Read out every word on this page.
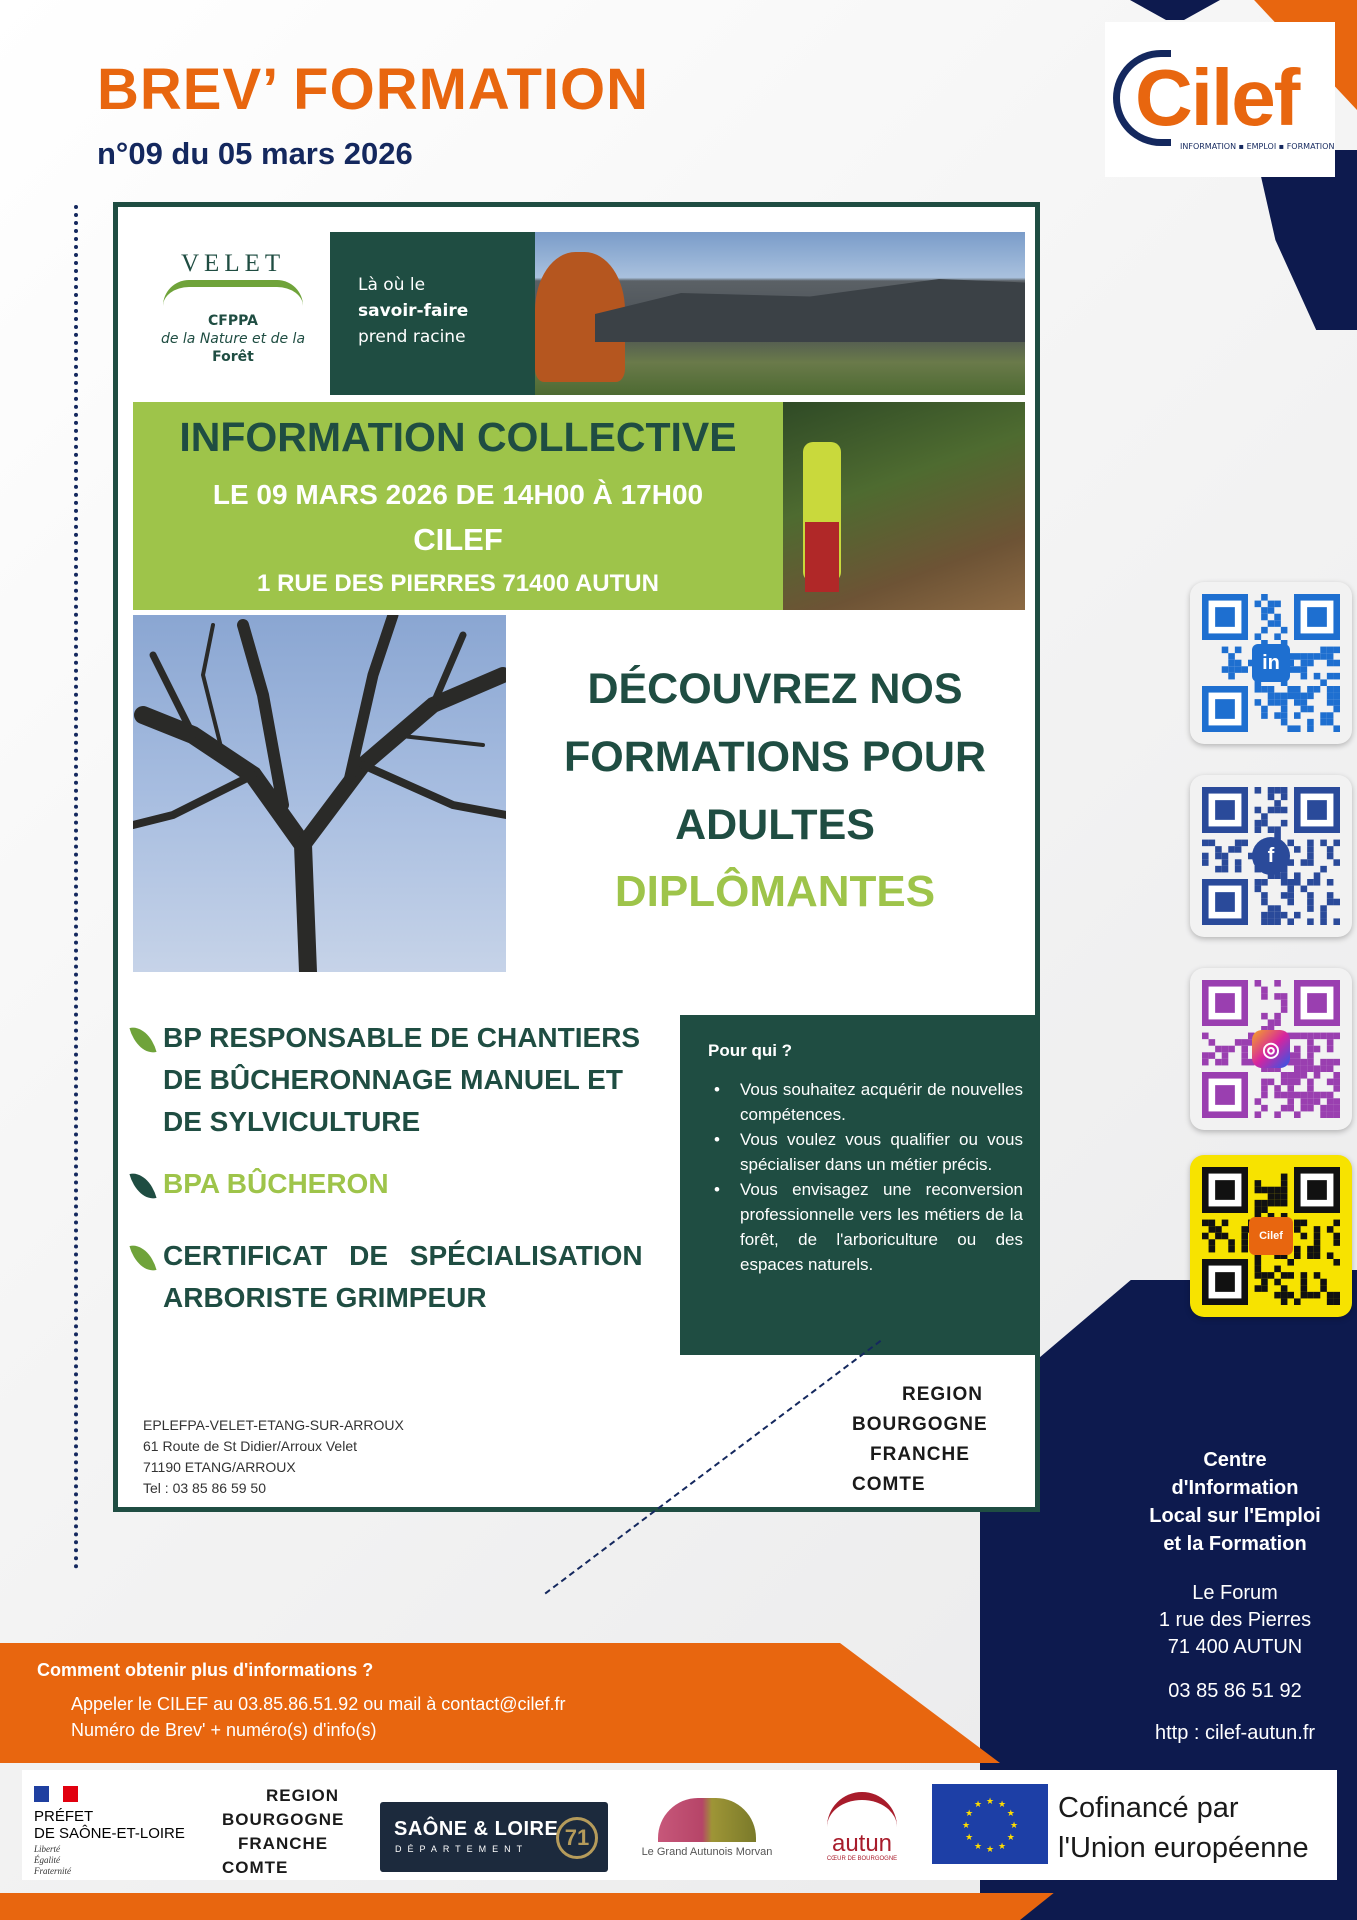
BREV’ FORMATION
n°09 du 05 mars 2026
Cilef
INFORMATION ▪ EMPLOI ▪ FORMATION
VELET
CFPPA
de la Nature et de la
Forêt
Là où le
savoir-faire
prend racine
INFORMATION COLLECTIVE
LE 09 MARS 2026 DE 14H00 À 17H00
CILEF
1 RUE DES PIERRES 71400 AUTUN
DÉCOUVREZ NOS
FORMATIONS POUR
ADULTES
DIPLÔMANTES
BP RESPONSABLE DE CHANTIERS
DE BÛCHERONNAGE MANUEL ET
DE SYLVICULTURE
BPA BÛCHERON
CERTIFICAT DE SPÉCIALISATION
ARBORISTE GRIMPEUR
Pour qui ?
• Vous souhaitez acquérir de nouvelles compétences.
• Vous voulez vous qualifier ou vous spécialiser dans un métier précis.
• Vous envisagez une reconversion professionnelle vers les métiers de la forêt, de l'arboriculture ou des espaces naturels.
EPLEFPA-VELET-ETANG-SUR-ARROUX
61 Route de St Didier/Arroux Velet
71190 ETANG/ARROUX
Tel : 03 85 86 59 50
REGION
BOURGOGNE
FRANCHE
COMTE
in
f
◎
Cilef
Centre
d'Information
Local sur l'Emploi
et la Formation
Le Forum
1 rue des Pierres
71 400 AUTUN
03 85 86 51 92
http : cilef-autun.fr
Comment obtenir plus d'informations ?
Appeler le CILEF au 03.85.86.51.92 ou mail à contact@cilef.fr
Numéro de Brev' + numéro(s) d'info(s)
PRÉFET
DE SAÔNE-ET-LOIRE
Liberté
Égalité
Fraternité
REGION
BOURGOGNE
FRANCHE
COMTE
SAÔNE & LOIRE
DÉPARTEMENT	71
Le Grand Autunois Morvan	autun
CŒUR DE BOURGOGNE
★
★
★
★
★
★
★
★
★ ★ ★
★ Cofinancé par
l'Union européenne
